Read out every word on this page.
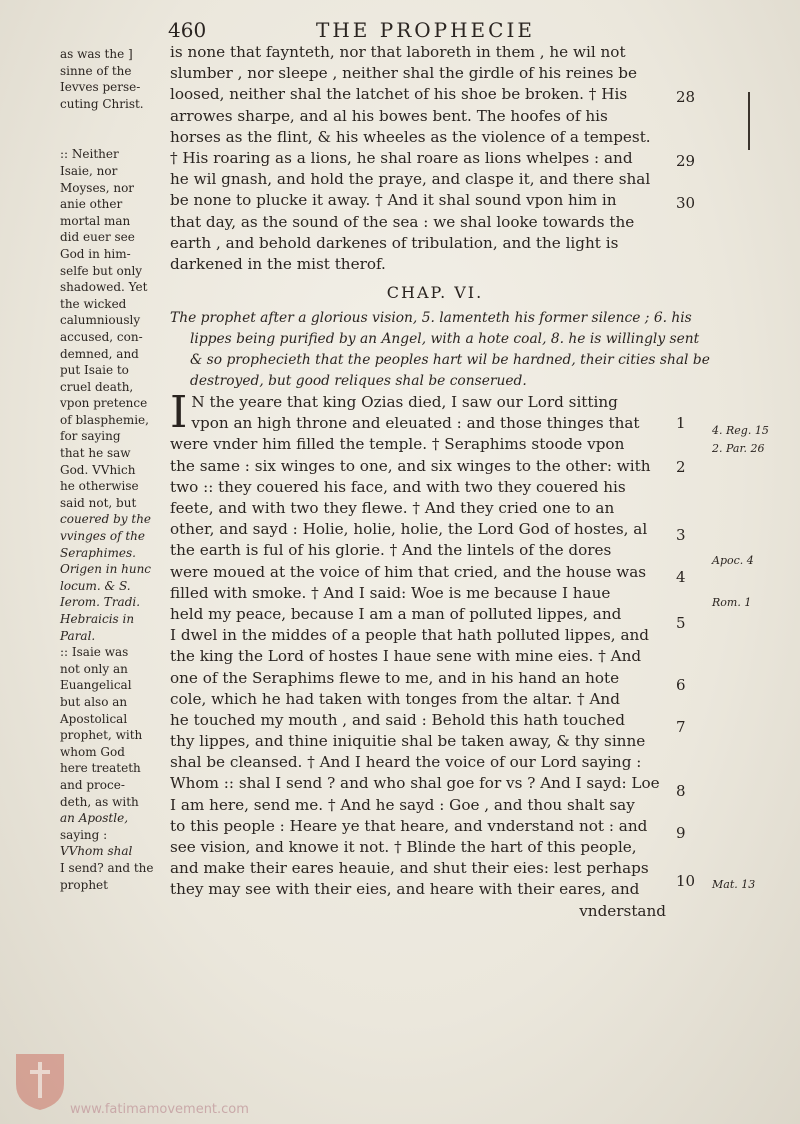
460	THE PROPHECIE
as was the ]
sinne of the
Ievves perse-
cuting Christ.
:: Neither
Isaie, nor
Moyses, nor
anie other
mortal man
did euer see
God in him-
selfe but only
shadowed. Yet
the wicked
calumniously
accused, con-
demned, and
put Isaie to
cruel death,
vpon pretence
of blasphemie,
for saying
that he saw
God. VVhich
he otherwise
said not, but
couered by the
vvinges of the
Seraphimes.
Origen in hunc
locum. & S.
Ierom. Tradi.
Hebraicis in
Paral.
:: Isaie was
not only an
Euangelical
but also an
Apostolical
prophet, with
whom God
here treateth
and proce-
deth, as with
an Apostle,
saying :
VVhom shal
I send? and the
prophet
is none that faynteth, nor that laboreth in them , he wil not
slumber , nor sleepe , neither shal the girdle of his reines be
loosed, neither shal the latchet of his shoe be broken. † His
arrowes sharpe, and al his bowes bent. The hoofes of his
horses as the flint, & his wheeles as the violence of a tempest.
† His roaring as a lions, he shal roare as lions whelpes : and
he wil gnash, and hold the praye, and claspe it, and there shal
be none to plucke it away. † And it shal sound vpon him in
that day, as the sound of the sea : we shal looke towards the
earth , and behold darkenes of tribulation, and the light is
darkened in the mist therof.
CHAP. VI.
The prophet after a glorious vision, 5. lamenteth his former silence ; 6. his
lippes being purified by an Angel, with a hote coal, 8. he is willingly sent
& so prophecieth that the peoples hart wil be hardned, their cities shal be
destroyed, but good reliques shal be conserued.
I N the yeare that king Ozias died, I saw our Lord sitting
vpon an high throne and eleuated : and those thinges that
were vnder him filled the temple. † Seraphims stoode vpon
the same : six winges to one, and six winges to the other: with
two :: they couered his face, and with two they couered his
feete, and with two they flewe. † And they cried one to an
other, and sayd : Holie, holie, holie, the Lord God of hostes, al
the earth is ful of his glorie. † And the lintels of the dores
were moued at the voice of him that cried, and the house was
filled with smoke. † And I said: Woe is me because I haue
held my peace, because I am a man of polluted lippes, and
I dwel in the middes of a people that hath polluted lippes, and
the king the Lord of hostes I haue sene with mine eies. † And
one of the Seraphims flewe to me, and in his hand an hote
cole, which he had taken with tonges from the altar. † And
he touched my mouth , and said : Behold this hath touched
thy lippes, and thine iniquitie shal be taken away, & thy sinne
shal be cleansed. † And I heard the voice of our Lord saying :
Whom :: shal I send ? and who shal goe for vs ? And I sayd: Loe
I am here, send me. † And he sayd : Goe , and thou shalt say
to this people : Heare ye that heare, and vnderstand not : and
see vision, and knowe it not. † Blinde the hart of this people,
and make their eares heauie, and shut their eies: lest perhaps
they may see with their eies, and heare with their eares, and
vnderstand
28
29
30
1
2
3
4
5
6
7
8
9
10
4. Reg. 15
2. Par. 26
Apoc. 4
Rom. 1
Mat. 13
www.fatimamovement.com
